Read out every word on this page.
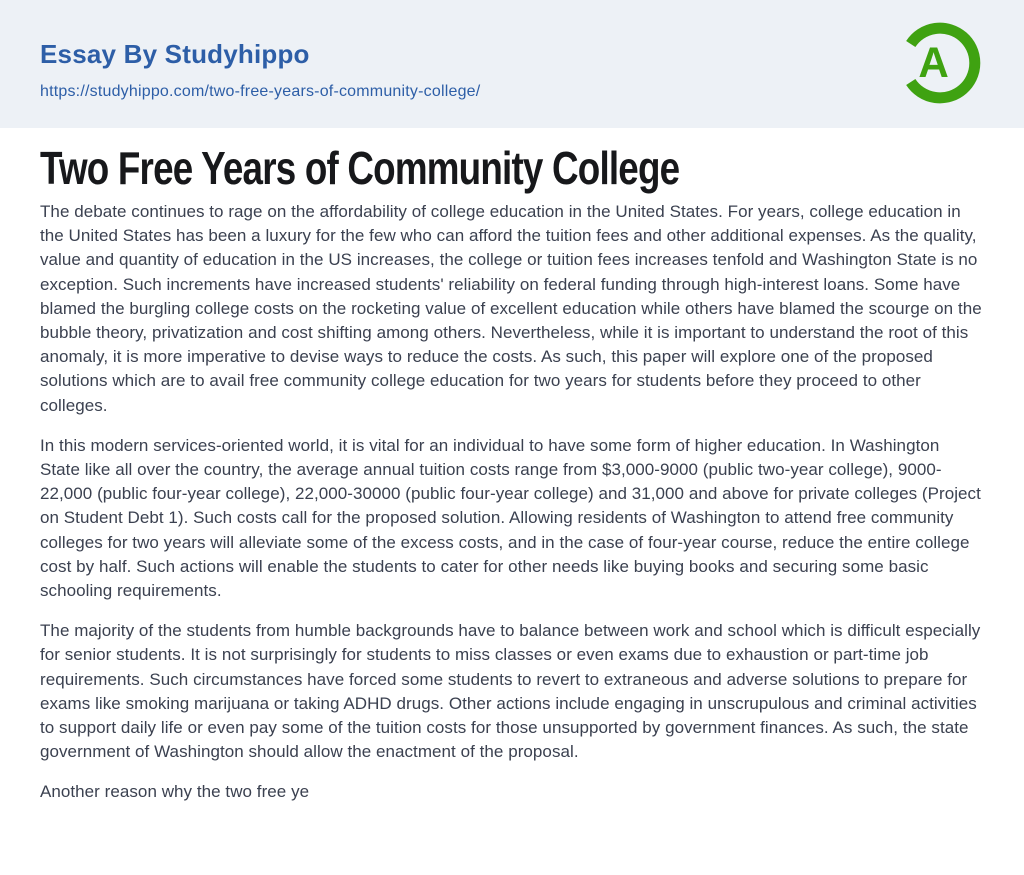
Essay By Studyhippo
https://studyhippo.com/two-free-years-of-community-college/
A
Two Free Years of Community College

The debate continues to rage on the affordability of college education in the United States. For years, college education in the United States has been a luxury for the few who can afford the tuition fees and other additional expenses. As the quality, value and quantity of education in the US increases, the college or tuition fees increases tenfold and Washington State is no exception. Such increments have increased students' reliability on federal funding through high-interest loans. Some have blamed the burgling college costs on the rocketing value of excellent education while others have blamed the scourge on the bubble theory, privatization and cost shifting among others. Nevertheless, while it is important to understand the root of this anomaly, it is more imperative to devise ways to reduce the costs. As such, this paper will explore one of the proposed solutions which are to avail free community college education for two years for students before they proceed to other colleges.

In this modern services-oriented world, it is vital for an individual to have some form of higher education. In Washington State like all over the country, the average annual tuition costs range from $3,000-9000 (public two-year college), 9000-22,000 (public four-year college), 22,000-30000 (public four-year college) and 31,000 and above for private colleges (Project on Student Debt 1). Such costs call for the proposed solution. Allowing residents of Washington to attend free community colleges for two years will alleviate some of the excess costs, and in the case of four-year course, reduce the entire college cost by half. Such actions will enable the students to cater for other needs like buying books and securing some basic schooling requirements.

The majority of the students from humble backgrounds have to balance between work and school which is difficult especially for senior students. It is not surprisingly for students to miss classes or even exams due to exhaustion or part-time job requirements. Such circumstances have forced some students to revert to extraneous and adverse solutions to prepare for exams like smoking marijuana or taking ADHD drugs. Other actions include engaging in unscrupulous and criminal activities to support daily life or even pay some of the tuition costs for those unsupported by government finances. As such, the state government of Washington should allow the enactment of the proposal.

Another reason why the two free ye
